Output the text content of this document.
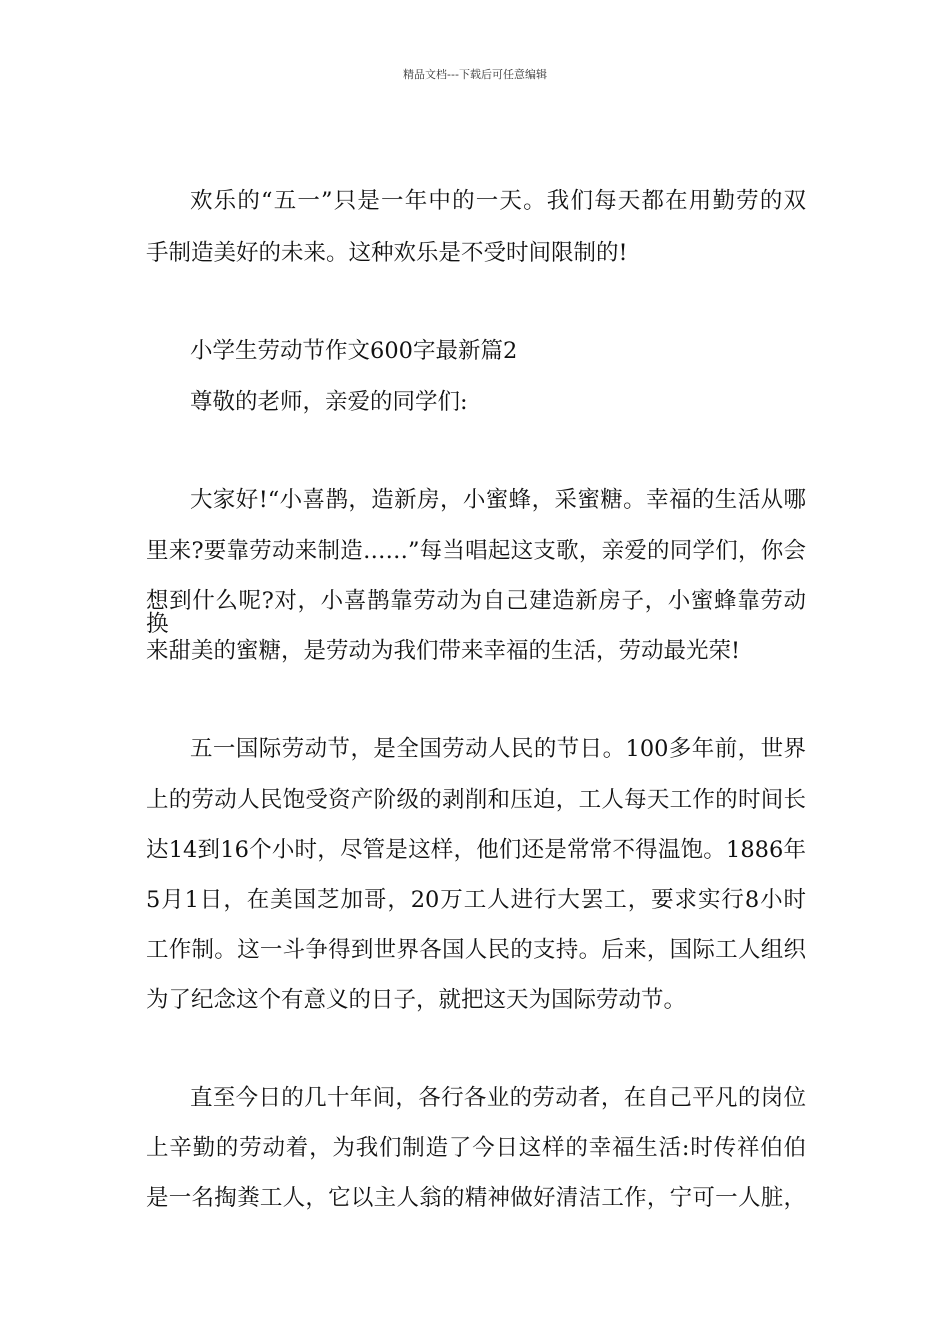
精品文档---下载后可任意编辑
欢乐的“五一”只是一年中的一天。我们每天都在用勤劳的双
手制造美好的未来。这种欢乐是不受时间限制的!
小学生劳动节作文600字最新篇2
尊敬的老师，亲爱的同学们:
大家好!“小喜鹊，造新房，小蜜蜂，采蜜糖。幸福的生活从哪
里来?要靠劳动来制造……”每当唱起这支歌，亲爱的同学们，你会
想到什么呢?对，小喜鹊靠劳动为自己建造新房子，小蜜蜂靠劳动换
来甜美的蜜糖，是劳动为我们带来幸福的生活，劳动最光荣!
五一国际劳动节，是全国劳动人民的节日。100多年前，世界
上的劳动人民饱受资产阶级的剥削和压迫，工人每天工作的时间长
达14到16个小时，尽管是这样，他们还是常常不得温饱。1886年
5月1日，在美国芝加哥，20万工人进行大罢工，要求实行8小时
工作制。这一斗争得到世界各国人民的支持。后来，国际工人组织
为了纪念这个有意义的日子，就把这天为国际劳动节。
直至今日的几十年间，各行各业的劳动者，在自己平凡的岗位
上辛勤的劳动着，为我们制造了今日这样的幸福生活:时传祥伯伯
是一名掏粪工人，它以主人翁的精神做好清洁工作，宁可一人脏，
